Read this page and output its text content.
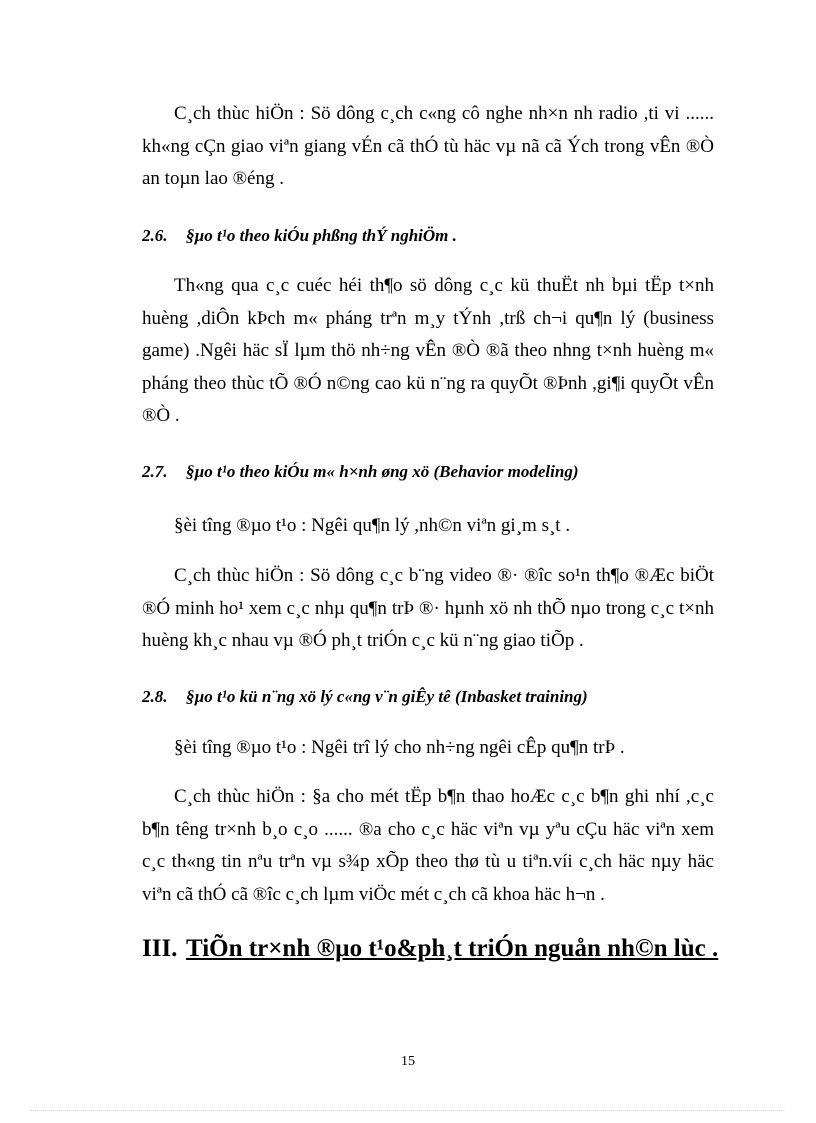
C¸ch thùc hiÖn : Sö dông c¸ch c«ng cô nghe nh×n nh radio ,ti vi ...... kh«ng cÇn giao viªn giang vÉn cã thÓ tù häc vµ nã cã Ých trong vÊn ®Ò an toµn lao ®éng .

2.6. §µo t¹o theo kiÓu phßng thÝ nghiÖm .

Th«ng qua c¸c cuéc héi th¶o sö dông c¸c kü thuËt nh bµi tËp t×nh huèng ,diÔn kÞch m« pháng trªn m¸y tÝnh ,trß ch¬i qu¶n lý (business game) .Ngêi häc sÏ lµm thö nh÷ng vÊn ®Ò ®ã theo nhng t×nh huèng m« pháng theo thùc tÕ ®Ó n©ng cao kü n¨ng ra quyÕt ®Þnh ,gi¶i quyÕt vÊn ®Ò .

2.7. §µo t¹o theo kiÓu m« h×nh øng xö (Behavior modeling)

§èi tîng ®µo t¹o : Ngêi qu¶n lý ,nh©n viªn gi¸m s¸t .

C¸ch thùc hiÖn : Sö dông c¸c b¨ng video ®· ®îc so¹n th¶o ®Æc biÖt ®Ó minh ho¹ xem c¸c nhµ qu¶n trÞ ®· hµnh xö nh thÕ nµo trong c¸c t×nh huèng kh¸c nhau vµ ®Ó ph¸t triÓn c¸c kü n¨ng giao tiÕp .

2.8. §µo t¹o kü n¨ng xö lý c«ng v¨n giÊy tê (Inbasket training)

§èi tîng ®µo t¹o : Ngêi trî lý cho nh÷ng ngêi cÊp qu¶n trÞ .

C¸ch thùc hiÖn : §a cho mét tËp b¶n thao hoÆc c¸c b¶n ghi nhí ,c¸c b¶n têng tr×nh b¸o c¸o ...... ®a cho c¸c häc viªn vµ yªu cÇu häc viªn xem c¸c th«ng tin nªu trªn vµ s¾p xÕp theo thø tù u tiªn.víi c¸ch häc nµy häc viªn cã thÓ cã ®îc c¸ch lµm viÖc mét c¸ch cã khoa häc h¬n .

III. TiÕn tr×nh ®µo t¹o&ph¸t triÓn nguån nh©n lùc .

15
